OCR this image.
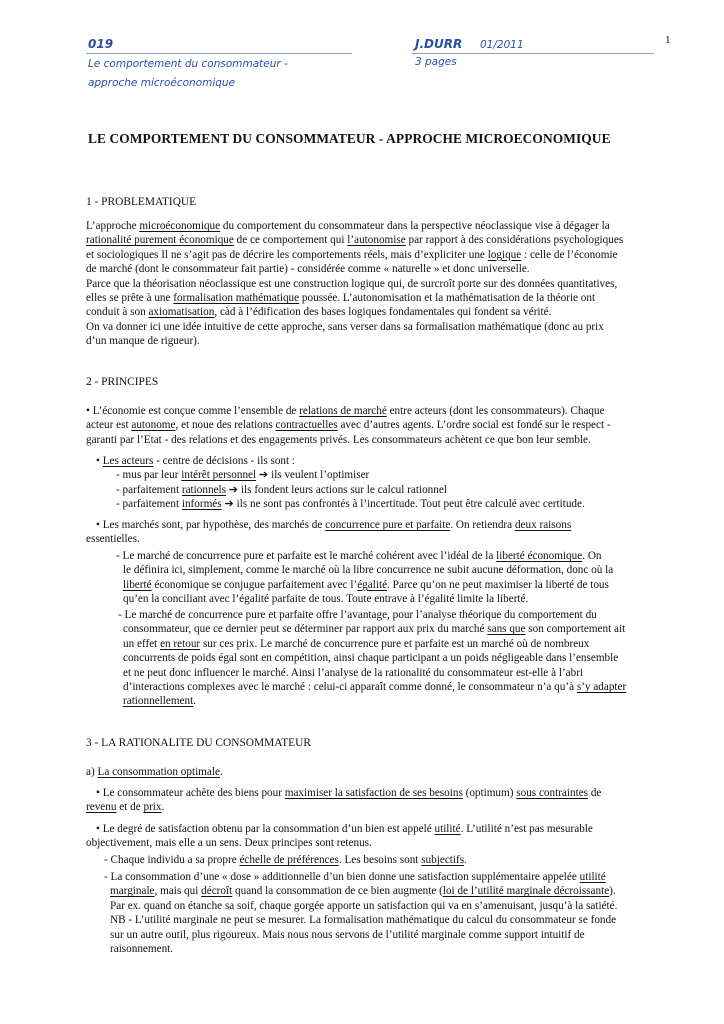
019	J.DURR 01/2011	1
Le comportement du consommateur -
approche microéconomique
3 pages
LE COMPORTEMENT DU CONSOMMATEUR - APPROCHE MICROECONOMIQUE
1 - PROBLEMATIQUE
L’approche microéconomique du comportement du consommateur dans la perspective néoclassique vise à dégager la
rationalité purement économique de ce comportement qui l’autonomise par rapport à des considérations psychologiques
et sociologiques Il ne s’agit pas de décrire les comportements réels, mais d’expliciter une logique : celle de l’économie
de marché (dont le consommateur fait partie) - considérée comme « naturelle » et donc universelle.
Parce que la théorisation néoclassique est une construction logique qui, de surcroît porte sur des données quantitatives,
elles se prête à une formalisation mathématique poussée. L’autonomisation et la mathématisation de la théorie ont
conduit à son axiomatisation, càd à l’édification des bases logiques fondamentales qui fondent sa vérité.
On va donner ici une idée intuitive de cette approche, sans verser dans sa formalisation mathématique (donc au prix
d’un manque de rigueur).
2 - PRINCIPES
• L’économie est conçue comme l’ensemble de relations de marché entre acteurs (dont les consommateurs). Chaque
acteur est autonome, et noue des relations contractuelles avec d’autres agents. L’ordre social est fondé sur le respect -
garanti par l’Etat - des relations et des engagements privés. Les consommateurs achètent ce que bon leur semble.
• Les acteurs - centre de décisions - ils sont :
- mus par leur intérêt personnel ➔ ils veulent l’optimiser
- parfaitement rationnels ➔ ils fondent leurs actions sur le calcul rationnel
- parfaitement informés ➔ ils ne sont pas confrontés à l’incertitude. Tout peut être calculé avec certitude.
• Les marchés sont, par hypothèse, des marchés de concurrence pure et parfaite. On retiendra deux raisons
essentielles.
- Le marché de concurrence pure et parfaite est le marché cohérent avec l’idéal de la liberté économique. On
le définira ici, simplement, comme le marché où la libre concurrence ne subit aucune déformation, donc où la
liberté économique se conjugue parfaitement avec l’égalité. Parce qu’on ne peut maximiser la liberté de tous
qu’en la conciliant avec l’égalité parfaite de tous. Toute entrave à l’égalité limite la liberté.
- Le marché de concurrence pure et parfaite offre l’avantage, pour l’analyse théorique du comportement du
consommateur, que ce dernier peut se déterminer par rapport aux prix du marché sans que son comportement ait
un effet en retour sur ces prix. Le marché de concurrence pure et parfaite est un marché où de nombreux
concurrents de poids égal sont en compétition, ainsi chaque participant a un poids négligeable dans l’ensemble
et ne peut donc influencer le marché. Ainsi l’analyse de la rationalité du consommateur est-elle à l’abri
d’interactions complexes avec le marché : celui-ci apparaît comme donné, le consommateur n’a qu’à s’y adapter
rationnellement.
3 - LA RATIONALITE DU CONSOMMATEUR
a) La consommation optimale.
• Le consommateur achète des biens pour maximiser la satisfaction de ses besoins (optimum) sous contraintes de
revenu et de prix.
• Le degré de satisfaction obtenu par la consommation d’un bien est appelé utilité. L’utilité n’est pas mesurable
objectivement, mais elle a un sens. Deux principes sont retenus.
- Chaque individu a sa propre échelle de préférences. Les besoins sont subjectifs.
- La consommation d’une « dose » additionnelle d’un bien donne une satisfaction supplémentaire appelée utilité
marginale, mais qui décroît quand la consommation de ce bien augmente (loi de l’utilité marginale décroissante).
Par ex. quand on étanche sa soif, chaque gorgée apporte un satisfaction qui va en s’amenuisant, jusqu’à la satiété.
NB - L’utilité marginale ne peut se mesurer. La formalisation mathématique du calcul du consommateur se fonde
sur un autre outil, plus rigoureux. Mais nous nous servons de l’utilité marginale comme support intuitif de
raisonnement.
